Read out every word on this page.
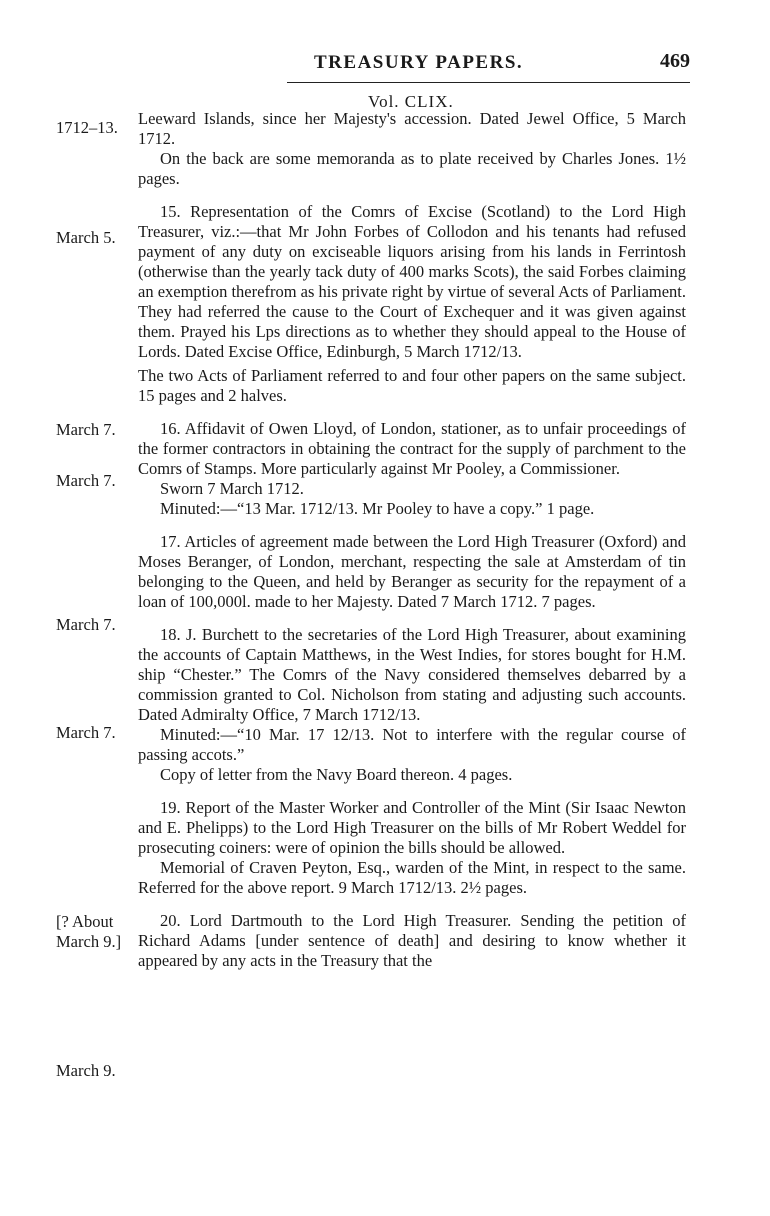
TREASURY PAPERS.	469
Vol. CLIX.
1712–13.
March 5.
March 7.
March 7.
March 7.
March 7.
[? About
March 9.]
March 9.

Leeward Islands, since her Majesty's accession. Dated Jewel Office, 5 March 1712.

On the back are some memoranda as to plate received by Charles Jones. 1½ pages.

15. Representation of the Comrs of Excise (Scotland) to the Lord High Treasurer, viz.:—that Mr John Forbes of Collodon and his tenants had refused payment of any duty on exciseable liquors arising from his lands in Ferrintosh (otherwise than the yearly tack duty of 400 marks Scots), the said Forbes claiming an exemption therefrom as his private right by virtue of several Acts of Parliament. They had referred the cause to the Court of Exchequer and it was given against them. Prayed his Lps directions as to whether they should appeal to the House of Lords. Dated Excise Office, Edinburgh, 5 March 1712/13.

The two Acts of Parliament referred to and four other papers on the same subject. 15 pages and 2 halves.

16. Affidavit of Owen Lloyd, of London, stationer, as to unfair proceedings of the former contractors in obtaining the contract for the supply of parchment to the Comrs of Stamps. More particularly against Mr Pooley, a Commissioner.

Sworn 7 March 1712.

Minuted:—“13 Mar. 1712/13. Mr Pooley to have a copy.” 1 page.

17. Articles of agreement made between the Lord High Treasurer (Oxford) and Moses Beranger, of London, merchant, respecting the sale at Amsterdam of tin belonging to the Queen, and held by Beranger as security for the repayment of a loan of 100,000l. made to her Majesty. Dated 7 March 1712. 7 pages.

18. J. Burchett to the secretaries of the Lord High Treasurer, about examining the accounts of Captain Matthews, in the West Indies, for stores bought for H.M. ship “Chester.” The Comrs of the Navy considered themselves debarred by a commission granted to Col. Nicholson from stating and adjusting such accounts. Dated Admiralty Office, 7 March 1712/13.

Minuted:—“10 Mar. 17 12/13. Not to interfere with the regular course of passing accots.”

Copy of letter from the Navy Board thereon. 4 pages.

19. Report of the Master Worker and Controller of the Mint (Sir Isaac Newton and E. Phelipps) to the Lord High Treasurer on the bills of Mr Robert Weddel for prosecuting coiners: were of opinion the bills should be allowed.

Memorial of Craven Peyton, Esq., warden of the Mint, in respect to the same. Referred for the above report. 9 March 1712/13. 2½ pages.

20. Lord Dartmouth to the Lord High Treasurer. Sending the petition of Richard Adams [under sentence of death] and desiring to know whether it appeared by any acts in the Treasury that the
